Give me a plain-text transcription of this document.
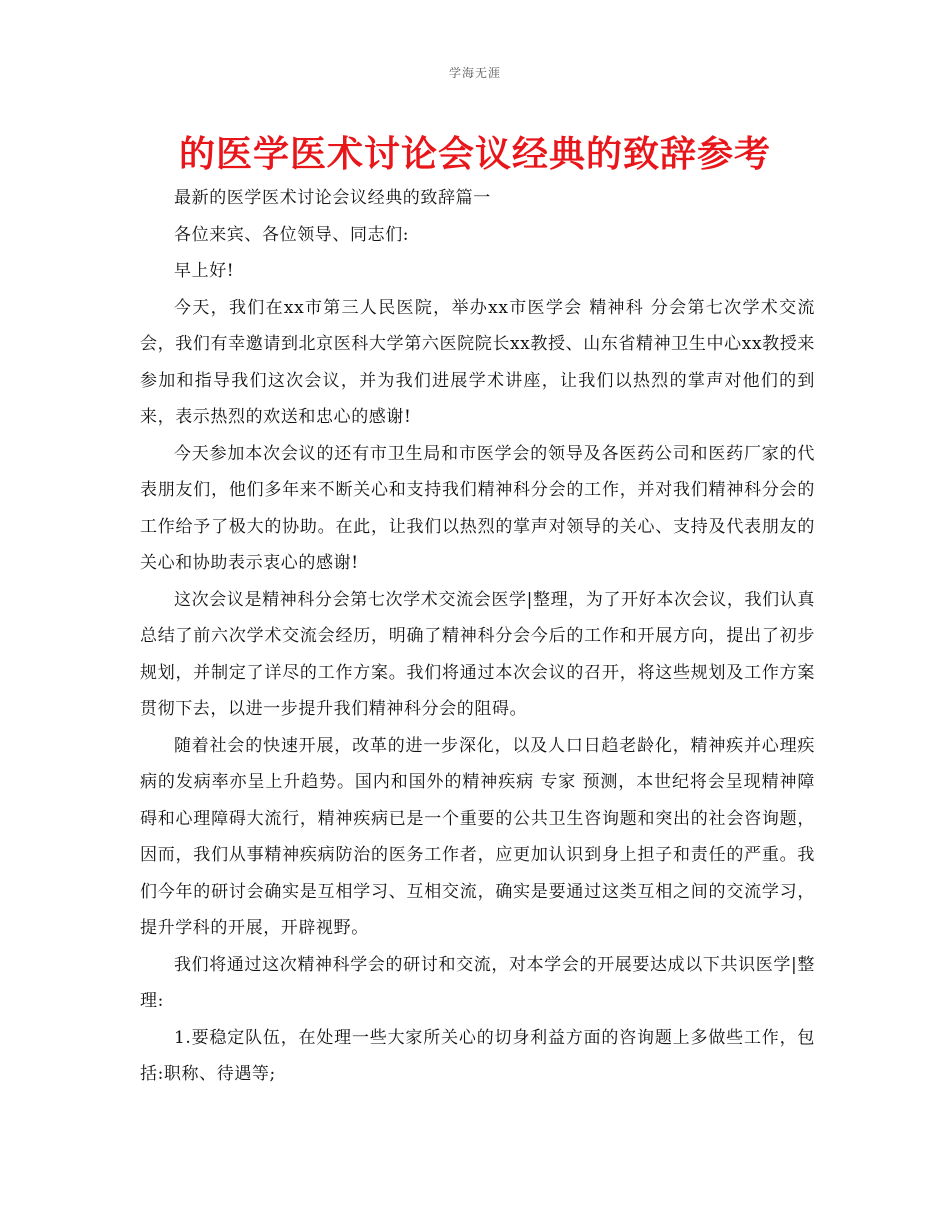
学海无涯
的医学医术讨论会议经典的致辞参考

最新的医学医术讨论会议经典的致辞篇一

各位来宾、各位领导、同志们:

早上好!

今天，我们在xx市第三人民医院，举办xx市医学会 精神科 分会第七次学术交流会，我们有幸邀请到北京医科大学第六医院院长xx教授、山东省精神卫生中心xx教授来参加和指导我们这次会议，并为我们进展学术讲座，让我们以热烈的掌声对他们的到来，表示热烈的欢送和忠心的感谢!

今天参加本次会议的还有市卫生局和市医学会的领导及各医药公司和医药厂家的代表朋友们，他们多年来不断关心和支持我们精神科分会的工作，并对我们精神科分会的工作给予了极大的协助。在此，让我们以热烈的掌声对领导的关心、支持及代表朋友的关心和协助表示衷心的感谢!

这次会议是精神科分会第七次学术交流会医学|整理，为了开好本次会议，我们认真总结了前六次学术交流会经历，明确了精神科分会今后的工作和开展方向，提出了初步规划，并制定了详尽的工作方案。我们将通过本次会议的召开，将这些规划及工作方案贯彻下去，以进一步提升我们精神科分会的阻碍。

随着社会的快速开展，改革的进一步深化，以及人口日趋老龄化，精神疾并心理疾病的发病率亦呈上升趋势。国内和国外的精神疾病 专家 预测，本世纪将会呈现精神障碍和心理障碍大流行，精神疾病已是一个重要的公共卫生咨询题和突出的社会咨询题，因而，我们从事精神疾病防治的医务工作者，应更加认识到身上担子和责任的严重。我们今年的研讨会确实是互相学习、互相交流，确实是要通过这类互相之间的交流学习，提升学科的开展，开辟视野。

我们将通过这次精神科学会的研讨和交流，对本学会的开展要达成以下共识医学|整理:

1.要稳定队伍，在处理一些大家所关心的切身利益方面的咨询题上多做些工作，包括:职称、待遇等;
